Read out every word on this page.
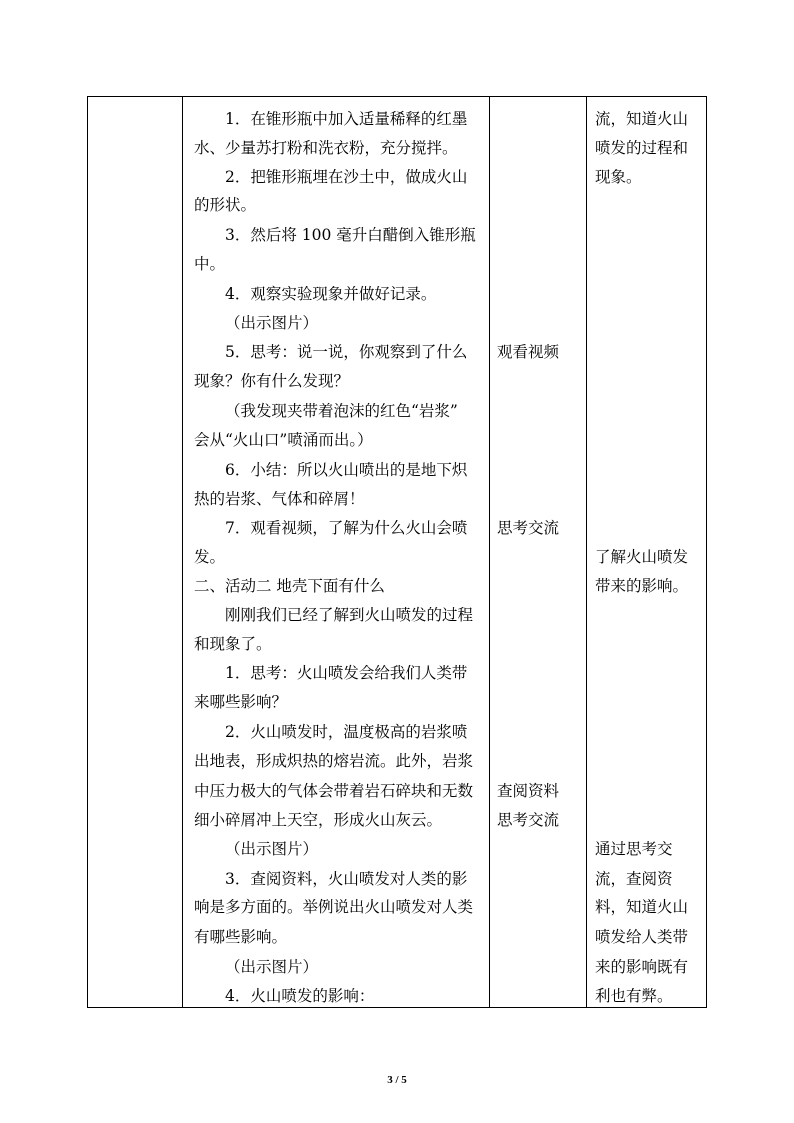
1．在锥形瓶中加入适量稀释的红墨
水、少量苏打粉和洗衣粉，充分搅拌。
2．把锥形瓶埋在沙土中，做成火山
的形状。
3．然后将 100 毫升白醋倒入锥形瓶
中。
4．观察实验现象并做好记录。
（出示图片）
5．思考：说一说，你观察到了什么
现象？你有什么发现？
（我发现夹带着泡沫的红色“岩浆”
会从“火山口”喷涌而出。）
6．小结：所以火山喷出的是地下炽
热的岩浆、气体和碎屑！
7．观看视频，了解为什么火山会喷
发。
二、活动二 地壳下面有什么
刚刚我们已经了解到火山喷发的过程
和现象了。
1．思考：火山喷发会给我们人类带
来哪些影响？
2．火山喷发时，温度极高的岩浆喷
出地表，形成炽热的熔岩流。此外，岩浆
中压力极大的气体会带着岩石碎块和无数
细小碎屑冲上天空，形成火山灰云。
（出示图片）
3．查阅资料，火山喷发对人类的影
响是多方面的。举例说出火山喷发对人类
有哪些影响。
（出示图片）
4．火山喷发的影响：
观看视频
思考交流
查阅资料
思考交流
流，知道火山
喷发的过程和
现象。
了解火山喷发
带来的影响。
通过思考交
流，查阅资
料，知道火山
喷发给人类带
来的影响既有
利也有弊。
3 / 5
